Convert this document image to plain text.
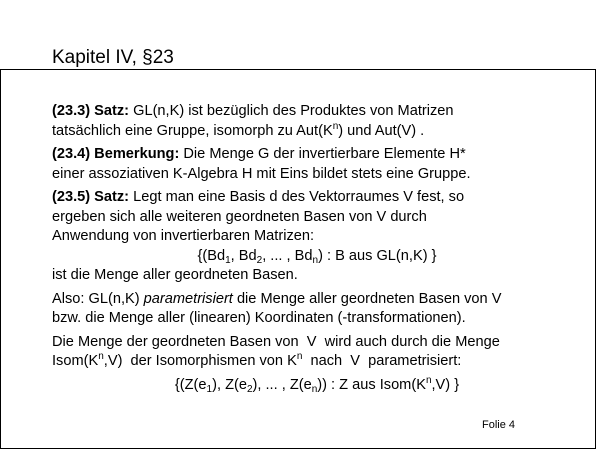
Kapitel IV, §23
(23.3) Satz: GL(n,K) ist bezüglich des Produktes von Matrizen
tatsächlich eine Gruppe, isomorph zu $Aut(K^n)$ und Aut(V) .
(23.4) Bemerkung: Die Menge G der invertierbare Elemente H*
einer assoziativen K-Algebra H mit Eins bildet stets eine Gruppe.
(23.5) Satz: Legt man eine Basis d des Vektorraumes V fest, so
ergeben sich alle weiteren geordneten Basen von V durch
Anwendung von invertierbaren Matrizen:
{($Bd_1$, $Bd_2$, ... , $Bd_n$) : B aus GL(n,K) }
ist die Menge aller geordneten Basen.
Also: GL(n,K) parametrisiert die Menge aller geordneten Basen von V
bzw. die Menge aller (linearen) Koordinaten (-transformationen).
Die Menge der geordneten Basen von  V  wird auch durch die Menge
$Isom(K^n,V)$  der Isomorphismen von $K^n$  nach  V  parametrisiert:
{($Z(e_1)$, $Z(e_2)$, ... , $Z(e_n)$) : Z aus $Isom(K^n,V)$ }
Folie 4
